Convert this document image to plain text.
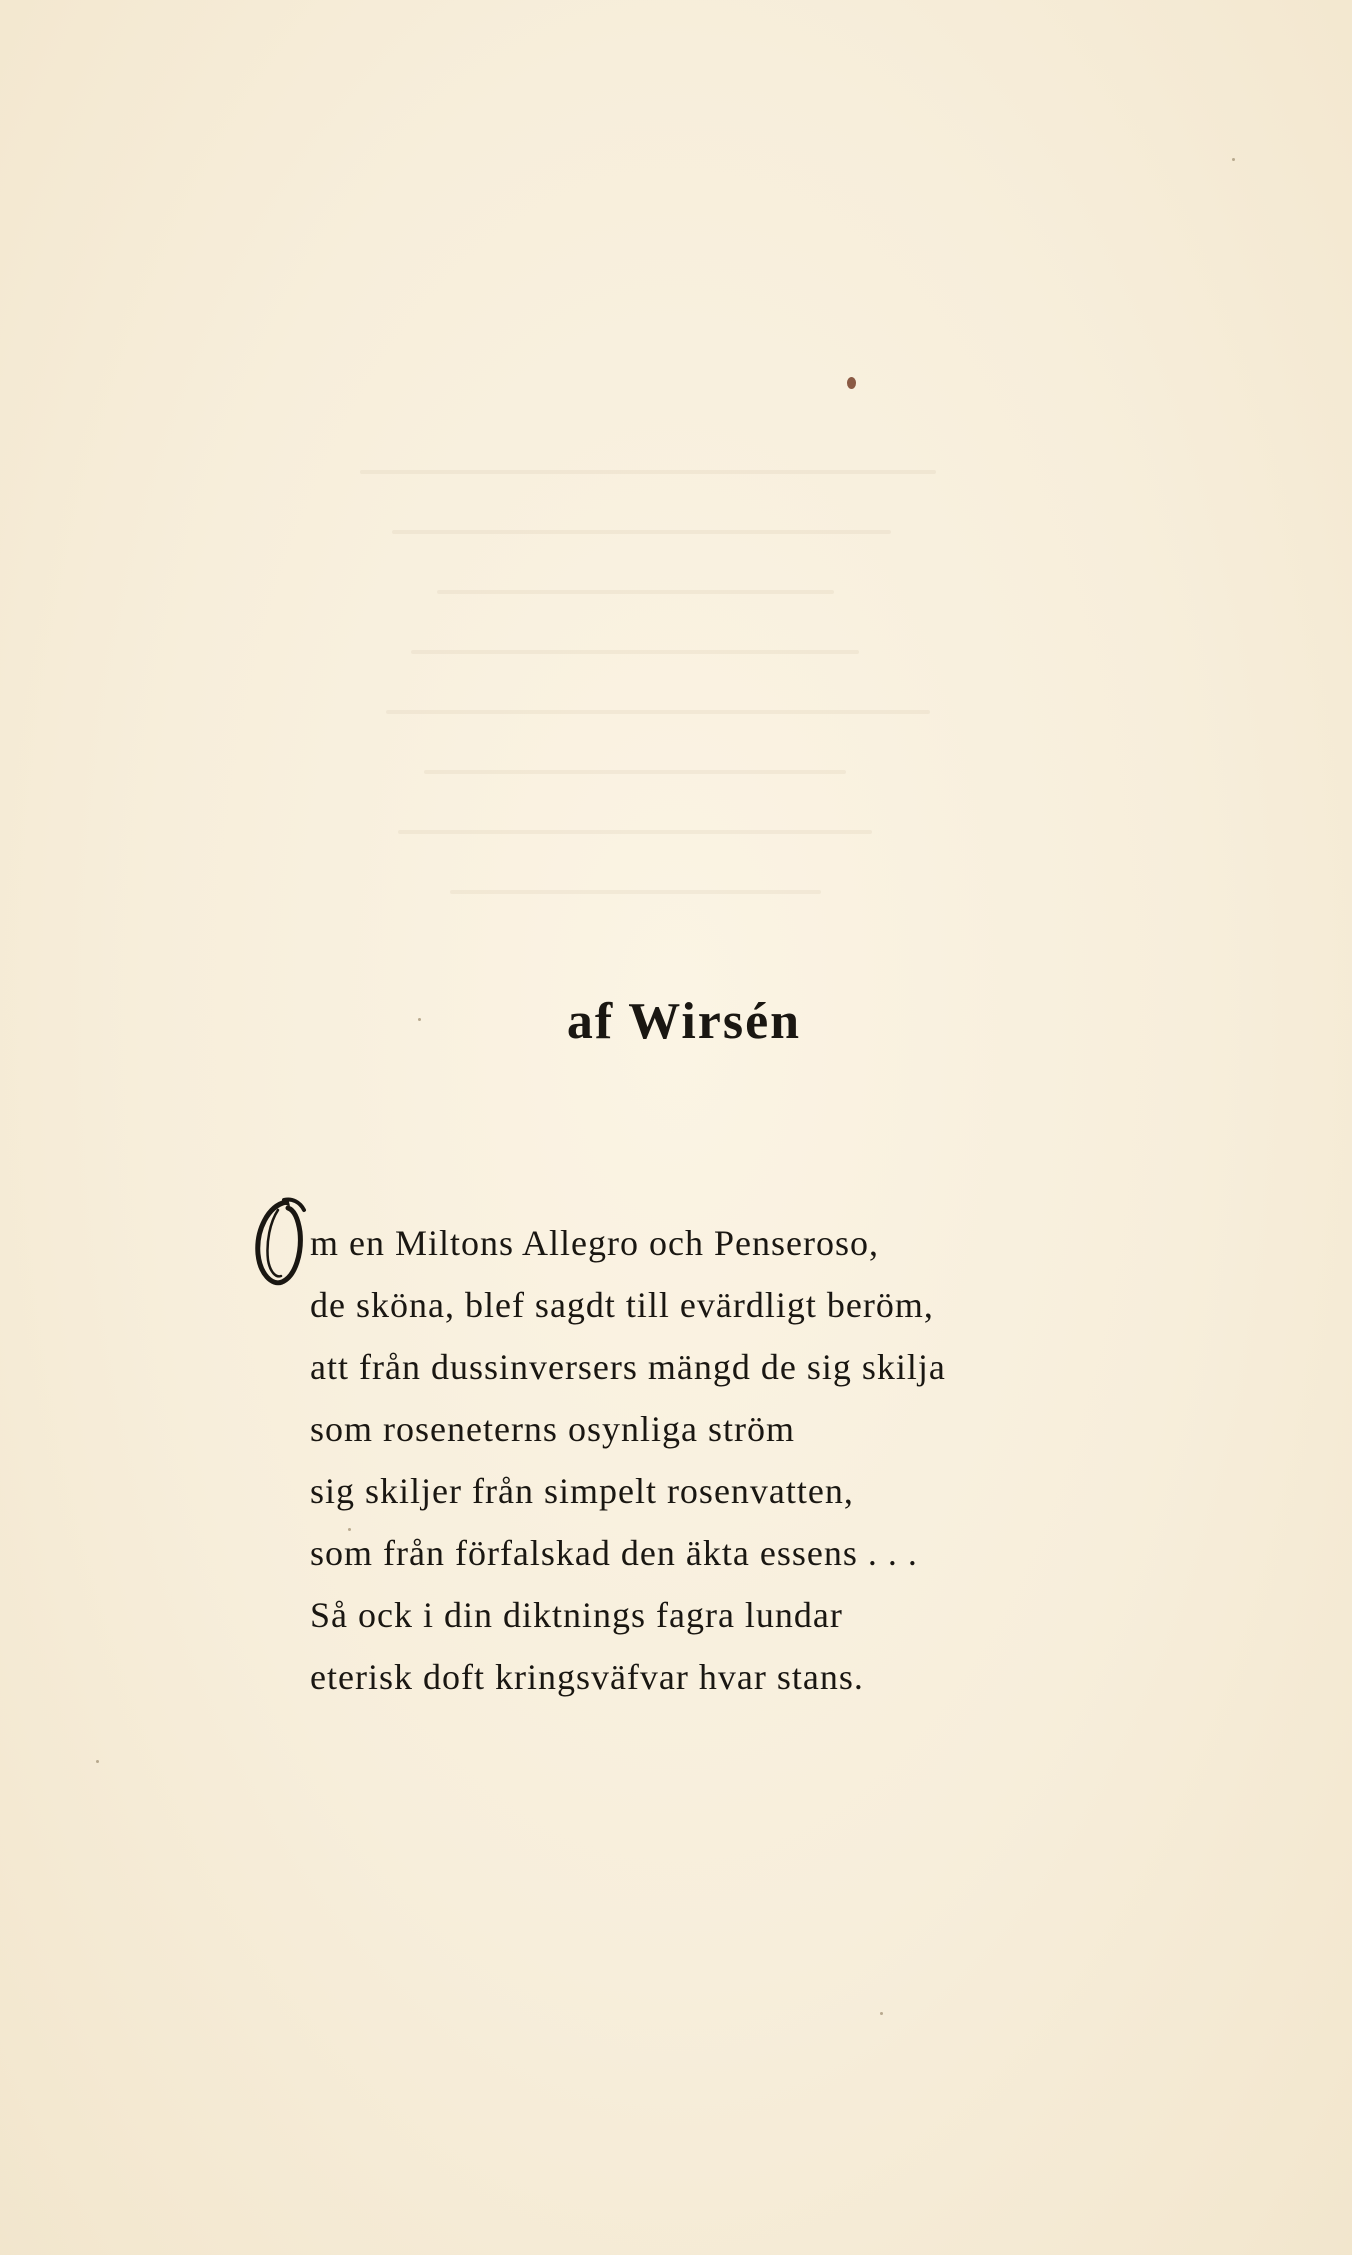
af Wirsén
m en Miltons Allegro och Penseroso,
de sköna, blef sagdt till evärdligt beröm,
att från dussinversers mängd de sig skilja
som roseneterns osynliga ström
sig skiljer från simpelt rosenvatten,
som från förfalskad den äkta essens . . .
Så ock i din diktnings fagra lundar
eterisk doft kringsväfvar hvar stans.
